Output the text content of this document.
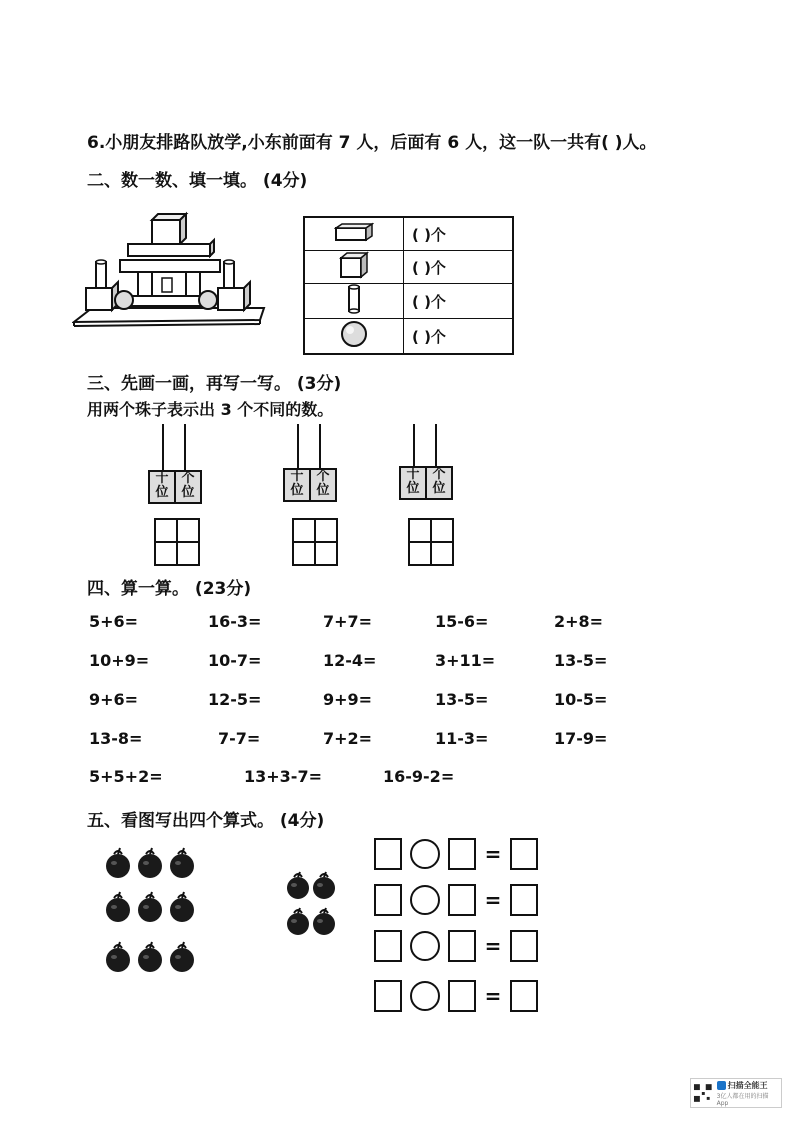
6.小朋友排路队放学,小东前面有 7 人，后面有 6 人，这一队一共有( )人。
二、数一数、填一填。 (4分)
	( )个
	( )个
	( )个
	( )个
三、先画一画，再写一写。 (3分)
用两个珠子表示出 3 个不同的数。
十
位
个
位
十
位
个
位
十
位
个
位
四、算一算。 (23分)
5+6=	16-3=	7+7=	15-6=	2+8=
10+9=	10-7=	12-4=	3+11=	13-5=
9+6=	12-5=	9+9=	13-5=	10-5=
13-8=	7-7=	7+2=	11-3=	17-9=
5+5+2=	13+3-7=	16-9-2=
五、看图写出四个算式。 (4分)
=
=
=
=
扫描全能王
3亿人都在用的扫描App
